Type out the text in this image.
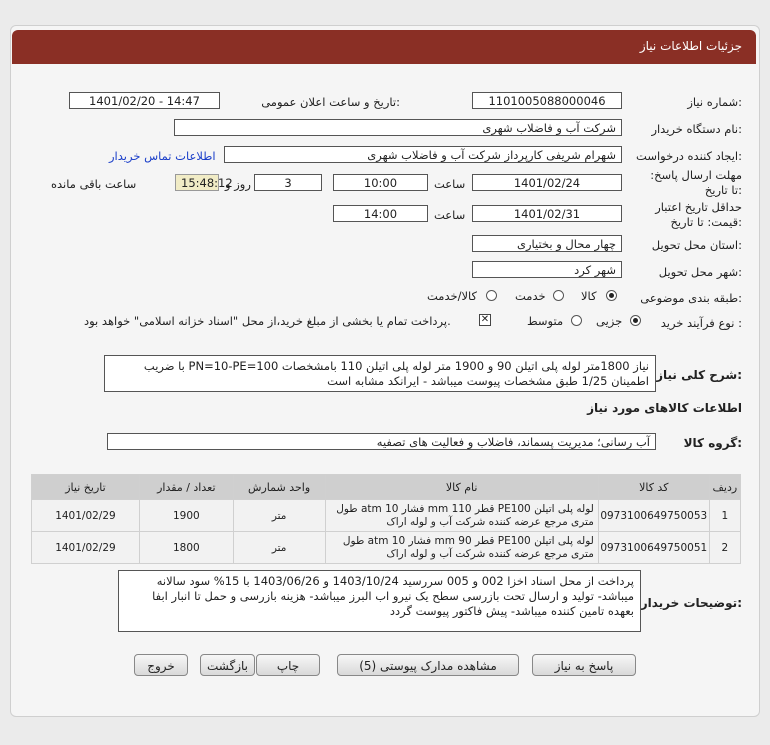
جزئیات اطلاعات نیاز
شماره نیاز:
1101005088000046
تاریخ و ساعت اعلان عمومی:
1401/02/20 - 14:47
نام دستگاه خریدار:
شرکت آب و فاضلاب شهری
ایجاد کننده درخواست:
شهرام شریفی کارپرداز شرکت آب و فاضلاب شهری
اطلاعات تماس خریدار
مهلت ارسال پاسخ: تا تاریخ:
1401/02/24
ساعت
10:00
3
روز و
15:48:12
ساعت باقی مانده
حداقل تاریخ اعتبار قیمت: تا تاریخ:
1401/02/31
ساعت
14:00
استان محل تحویل:
چهار محال و بختیاری
شهر محل تحویل:
شهر کرد
طبقه بندی موضوعی:
کالا
خدمت
کالا/خدمت
نوع فرآیند خرید :
جزیی
متوسط
✕
پرداخت تمام یا بخشی از مبلغ خرید،از محل "اسناد خزانه اسلامی" خواهد بود.
شرح کلی نیاز:
نیاز 1800متر لوله پلی اتیلن 90 و 1900 متر لوله پلی اتیلن 110 بامشخصات PN=10-PE=100 با ضریب اطمینان 1/25 طبق مشخصات پیوست میباشد - ایرانکد مشابه است
اطلاعات کالاهای مورد نیاز
گروه کالا:
آب رسانی؛ مدیریت پسماند، فاضلاب و فعالیت های تصفیه
تاریخ نیاز	تعداد / مقدار	واحد شمارش	نام کالا	کد کالا	ردیف
1401/02/29	1900	متر	لوله پلی اتیلن PE100 قطر mm 110 فشار atm 10 طول متری مرجع عرضه کننده شرکت آب و لوله اراک	0973100649750053	1
1401/02/29	1800	متر	لوله پلی اتیلن PE100 قطر mm 90 فشار atm 10 طول متری مرجع عرضه کننده شرکت آب و لوله اراک	0973100649750051	2
توضیحات خریدار:
پرداخت از محل اسناد اخزا 002 و 005 سررسید 1403/10/24 و 1403/06/26 با 15% سود سالانه میباشد- تولید و ارسال تحت بازرسی سطح یک نیرو اب البرز میباشد- هزینه بازرسی و حمل تا انبار ابفا بعهده تامین کننده میباشد- پیش فاکتور پیوست گردد
پاسخ به نیاز
مشاهده مدارک پیوستی (5)
چاپ
بازگشت
خروج
